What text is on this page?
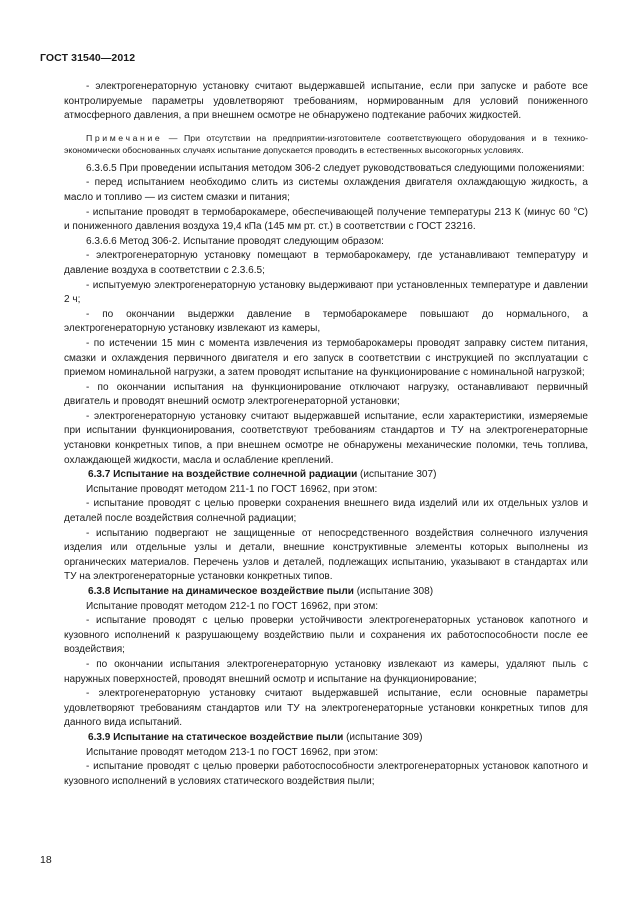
ГОСТ 31540—2012

- электрогенераторную установку считают выдержавшей испытание, если при запуске и работе все контролируемые параметры удовлетворяют требованиям, нормированным для условий пониженного атмосферного давления, а при внешнем осмотре не обнаружено подтекание рабочих жидкостей.

Примечание — При отсутствии на предприятии-изготовителе соответствующего оборудования и в технико-экономически обоснованных случаях испытание допускается проводить в естественных высокогорных условиях.

6.3.6.5 При проведении испытания методом 306-2 следует руководствоваться следующими положениями:

- перед испытанием необходимо слить из системы охлаждения двигателя охлаждающую жидкость, а масло и топливо — из систем смазки и питания;

- испытание проводят в термобарокамере, обеспечивающей получение температуры 213 К (минус 60 °С) и пониженного давления воздуха 19,4 кПа (145 мм рт. ст.) в соответствии с ГОСТ 23216.

6.3.6.6 Метод 306-2. Испытание проводят следующим образом:

- электрогенераторную установку помещают в термобарокамеру, где устанавливают температуру и давление воздуха в соответствии с 2.3.6.5;

- испытуемую электрогенераторную установку выдерживают при установленных температуре и давлении 2 ч;

- по окончании выдержки давление в термобарокамере повышают до нормального, а электрогенераторную установку извлекают из камеры,

- по истечении 15 мин с момента извлечения из термобарокамеры проводят заправку систем питания, смазки и охлаждения первичного двигателя и его запуск в соответствии с инструкцией по эксплуатации с приемом номинальной нагрузки, а затем проводят испытание на функционирование с номинальной нагрузкой;

- по окончании испытания на функционирование отключают нагрузку, останавливают первичный двигатель и проводят внешний осмотр электрогенераторной установки;

- электрогенераторную установку считают выдержавшей испытание, если характеристики, измеряемые при испытании функционирования, соответствуют требованиям стандартов и ТУ на электрогенераторные установки конкретных типов, а при внешнем осмотре не обнаружены механические поломки, течь топлива, охлаждающей жидкости, масла и ослабление креплений.

6.3.7 Испытание на воздействие солнечной радиации (испытание 307)

Испытание проводят методом 211-1 по ГОСТ 16962, при этом:

- испытание проводят с целью проверки сохранения внешнего вида изделий или их отдельных узлов и деталей после воздействия солнечной радиации;

- испытанию подвергают не защищенные от непосредственного воздействия солнечного излучения изделия или отдельные узлы и детали, внешние конструктивные элементы которых выполнены из органических материалов. Перечень узлов и деталей, подлежащих испытанию, указывают в стандартах или ТУ на электрогенераторные установки конкретных типов.

6.3.8 Испытание на динамическое воздействие пыли (испытание 308)

Испытание проводят методом 212-1 по ГОСТ 16962, при этом:

- испытание проводят с целью проверки устойчивости электрогенераторных установок капотного и кузовного исполнений к разрушающему воздействию пыли и сохранения их работоспособности после ее воздействия;

- по окончании испытания электрогенераторную установку извлекают из камеры, удаляют пыль с наружных поверхностей, проводят внешний осмотр и испытание на функционирование;

- электрогенераторную установку считают выдержавшей испытание, если основные параметры удовлетворяют требованиям стандартов или ТУ на электрогенераторные установки конкретных типов для данного вида испытаний.

6.3.9 Испытание на статическое воздействие пыли (испытание 309)

Испытание проводят методом 213-1 по ГОСТ 16962, при этом:

- испытание проводят с целью проверки работоспособности электрогенераторных установок капотного и кузовного исполнений в условиях статического воздействия пыли;

18
